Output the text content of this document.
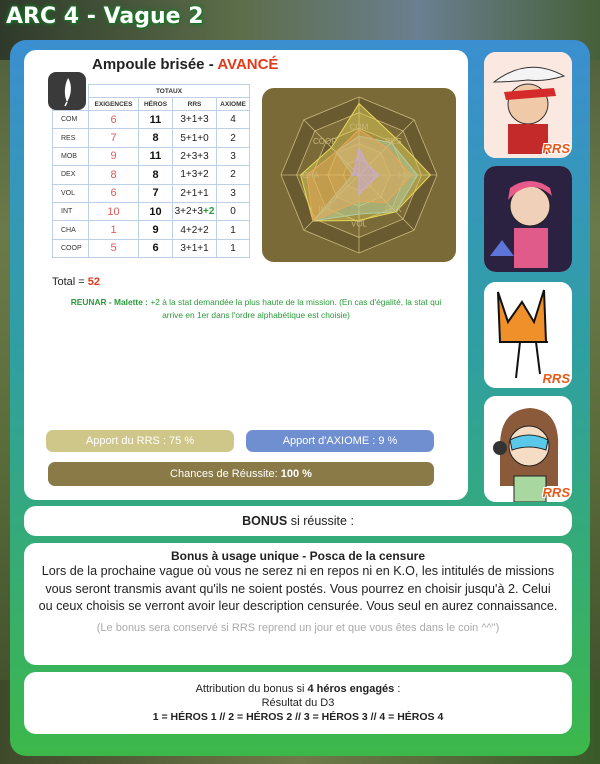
ARC 4 - Vague 2
Ampoule brisée - AVANCÉ
	TOTAUX			
	EXIGENCES	HÉROS	RRS	AXIOME
COM	6	11	3+1+3	4
RES	7	8	5+1+0	2
MOB	9	11	2+3+3	3
DEX	8	8	1+3+2	2
VOL	6	7	2+1+1	3
INT	10	10	3+2+3+2	0
CHA	1	9	4+2+2	1
COOP	5	6	3+1+1	1
Total = 52
REUNAR - Malette : +2 à la stat demandée la plus haute de la mission. (En cas d'égalité, la stat qui arrive en 1er dans l'ordre alphabétique est choisie)
COM
RES
MOB
DEX
VOL
INT
CHA
COOP
Apport du RRS : 75 %	Apport d'AXIOME : 9 %
Chances de Réussite: 100 %
RRS
RRS
RRS
BONUS si réussite :
Bonus à usage unique - Posca de la censure
Lors de la prochaine vague où vous ne serez ni en repos ni en K.O, les intitulés de missions vous seront transmis avant qu'ils ne soient postés. Vous pourrez en choisir jusqu'à 2. Celui ou ceux choisis se verront avoir leur description censurée. Vous seul en aurez connaissance.
(Le bonus sera conservé si RRS reprend un jour et que vous êtes dans le coin ^^")
Attribution du bonus si 4 héros engagés :
Résultat du D3
1 = HÉROS 1 // 2 = HÉROS 2 // 3 = HÉROS 3 // 4 = HÉROS 4
